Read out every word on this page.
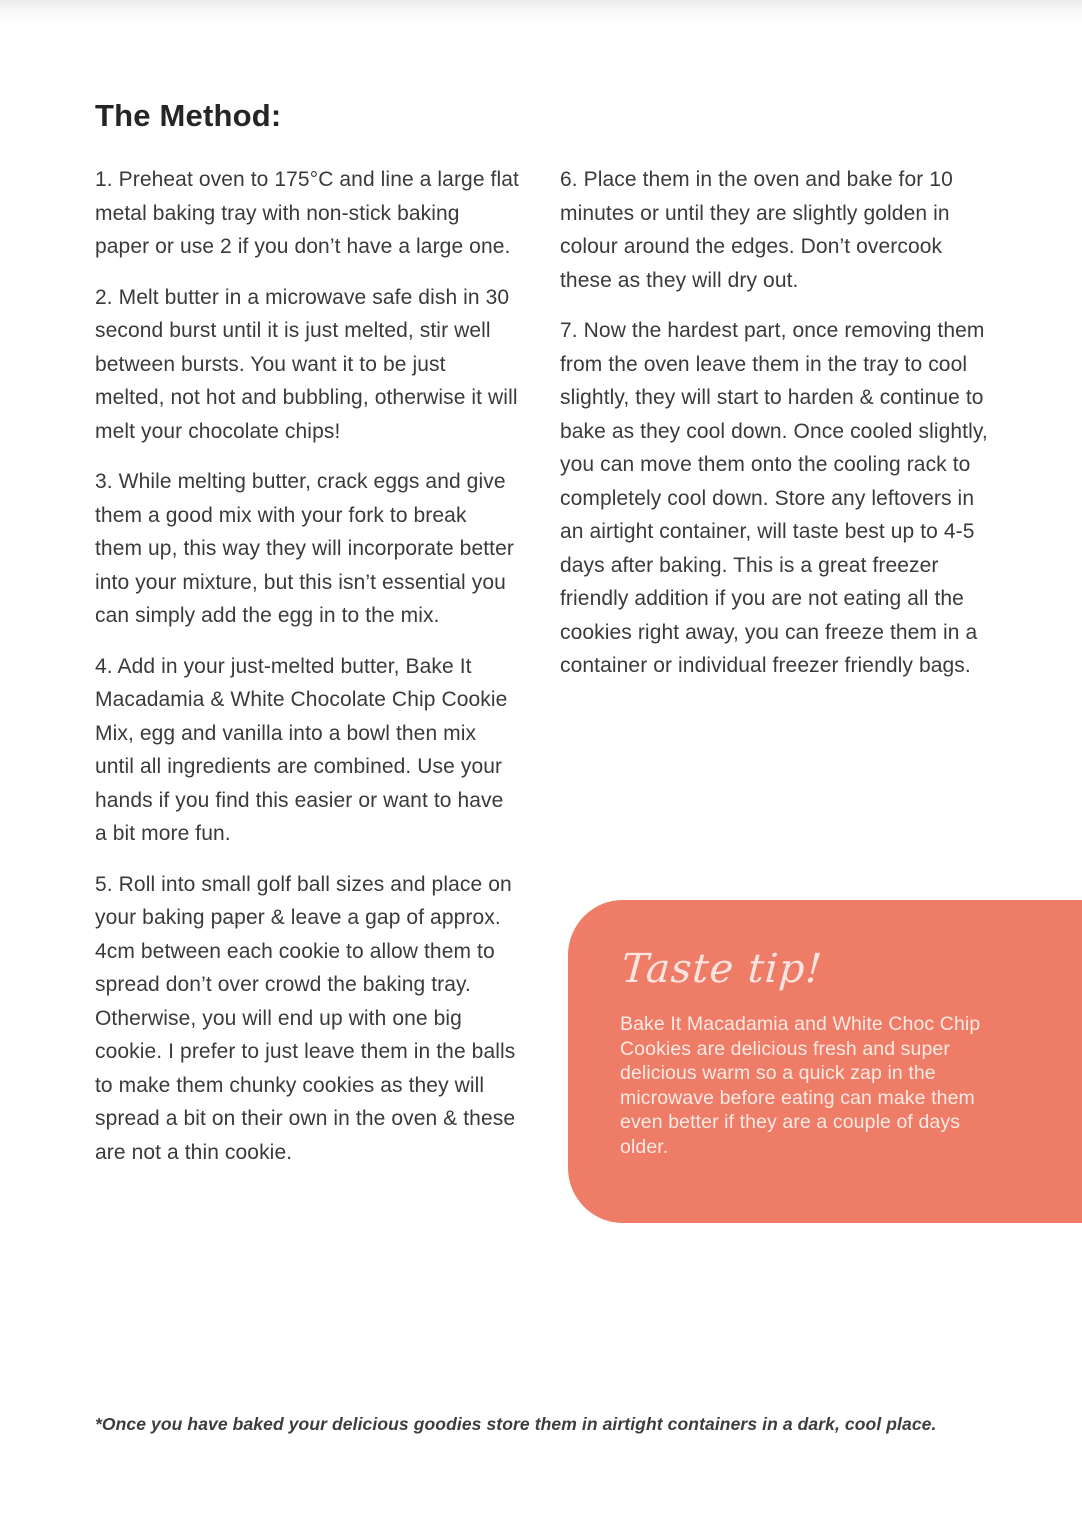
The Method:

1. Preheat oven to 175°C and line a large flat metal baking tray with non-stick baking paper or use 2 if you don’t have a large one.

2. Melt butter in a microwave safe dish in 30 second burst until it is just melted, stir well between bursts. You want it to be just melted, not hot and bubbling, otherwise it will melt your chocolate chips!

3. While melting butter, crack eggs and give them a good mix with your fork to break them up, this way they will incorporate better into your mixture, but this isn’t essential you can simply add the egg in to the mix.

4. Add in your just-melted butter, Bake It Macadamia & White Chocolate Chip Cookie Mix, egg and vanilla into a bowl then mix until all ingredients are combined. Use your hands if you find this easier or want to have a bit more fun.

5. Roll into small golf ball sizes and place on your baking paper & leave a gap of approx. 4cm between each cookie to allow them to spread don’t over crowd the baking tray. Otherwise, you will end up with one big cookie. I prefer to just leave them in the balls to make them chunky cookies as they will spread a bit on their own in the oven & these are not a thin cookie.

6. Place them in the oven and bake for 10 minutes or until they are slightly golden in colour around the edges. Don’t overcook these as they will dry out.

7. Now the hardest part, once removing them from the oven leave them in the tray to cool slightly, they will start to harden & continue to bake as they cool down. Once cooled slightly, you can move them onto the cooling rack to completely cool down. Store any leftovers in an airtight container, will taste best up to 4-5 days after baking. This is a great freezer friendly addition if you are not eating all the cookies right away, you can freeze them in a container or individual freezer friendly bags.

Taste tip!
Bake It Macadamia and White Choc Chip Cookies are delicious fresh and super delicious warm so a quick zap in the microwave before eating can make them even better if they are a couple of days older.
*Once you have baked your delicious goodies store them in airtight containers in a dark, cool place.
